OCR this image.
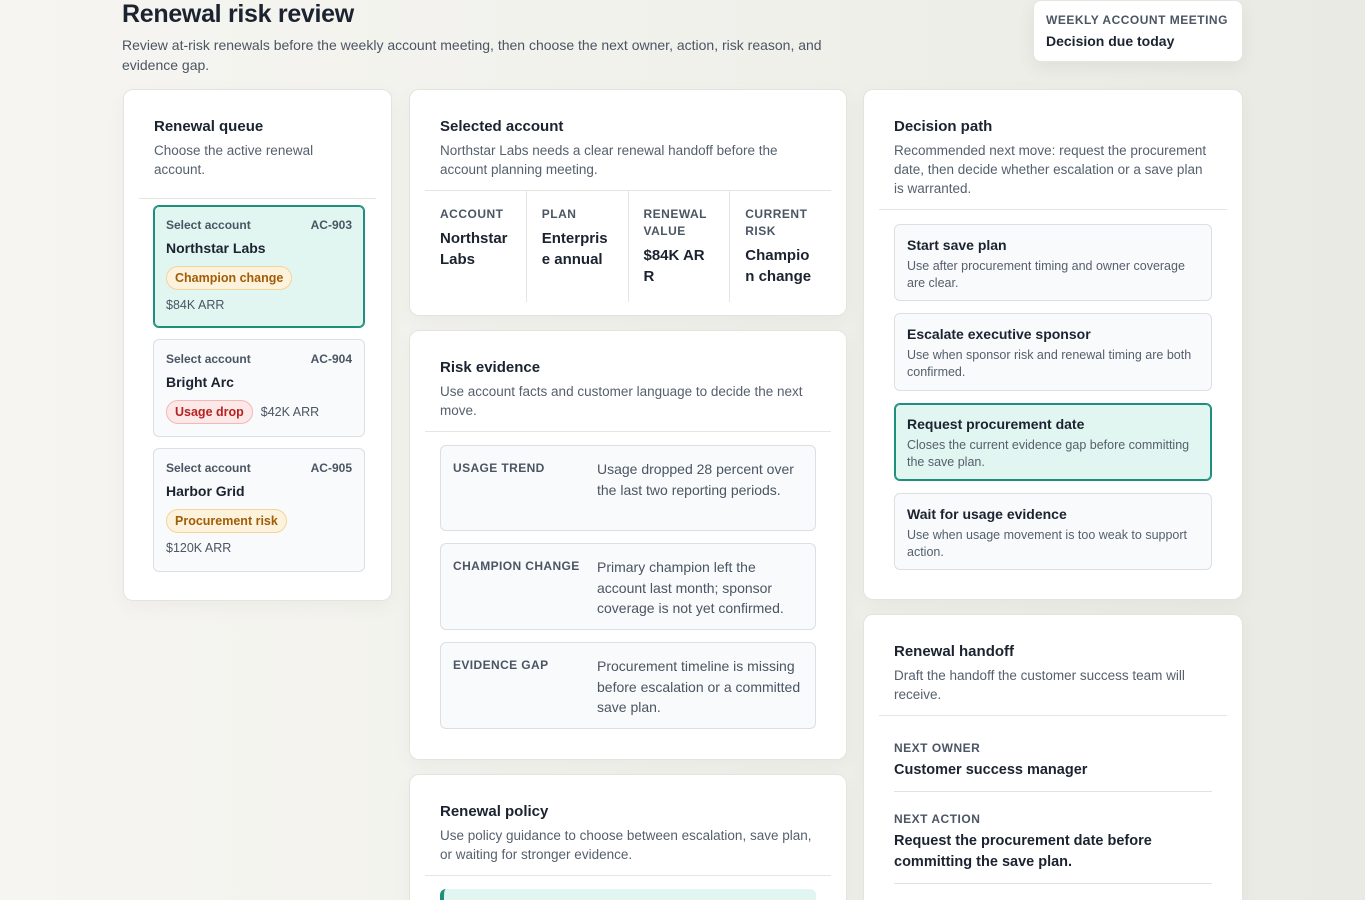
Renewal risk review

Review at-risk renewals before the weekly account meeting, then choose the next owner, action, risk reason, and evidence gap.

WEEKLY ACCOUNT MEETING
Decision due today
Renewal queue
Choose the active renewal account.
Select account	AC-903
Northstar Labs
Champion change
$84K ARR
Select account	AC-904
Bright Arc
Usage drop	$42K ARR
Select account	AC-905
Harbor Grid
Procurement risk
$120K ARR
Selected account
Northstar Labs needs a clear renewal handoff before the account planning meeting.
ACCOUNT
Northstar Labs
PLAN
Enterprise annual
RENEWAL VALUE
$84K ARR
CURRENT RISK
Champion change
Risk evidence
Use account facts and customer language to decide the next move.
USAGE TREND	Usage dropped 28 percent over the last two reporting periods.
CHAMPION CHANGE	Primary champion left the account last month; sponsor coverage is not yet confirmed.
EVIDENCE GAP	Procurement timeline is missing before escalation or a committed save plan.
Renewal policy
Use policy guidance to choose between escalation, save plan, or waiting for stronger evidence.
Decision path
Recommended next move: request the procurement date, then decide whether escalation or a save plan is warranted.
Start save plan
Use after procurement timing and owner coverage are clear.
Escalate executive sponsor
Use when sponsor risk and renewal timing are both confirmed.
Request procurement date
Closes the current evidence gap before committing the save plan.
Wait for usage evidence
Use when usage movement is too weak to support action.
Renewal handoff
Draft the handoff the customer success team will receive.
NEXT OWNER
Customer success manager
NEXT ACTION
Request the procurement date before committing the save plan.
